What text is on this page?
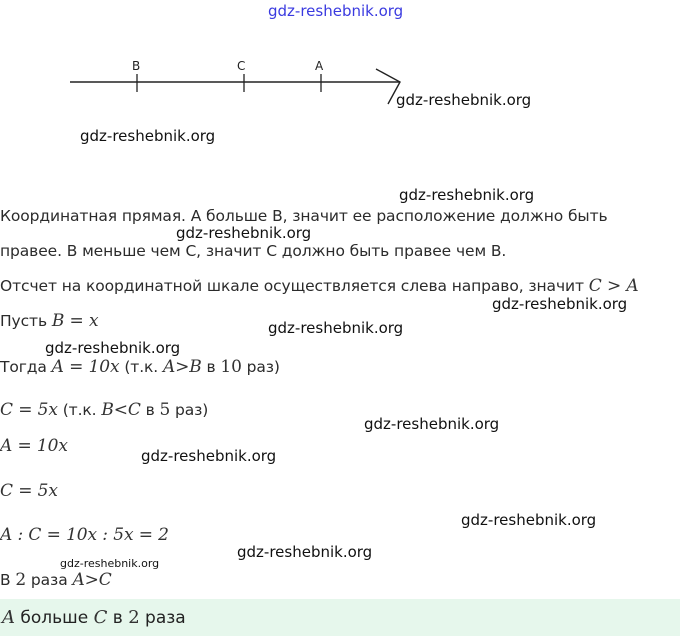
gdz-reshebnik.org
B	C	A
gdz-reshebnik.org
gdz-reshebnik.org
gdz-reshebnik.org
gdz-reshebnik.org
gdz-reshebnik.org
gdz-reshebnik.org
gdz-reshebnik.org
gdz-reshebnik.org
gdz-reshebnik.org
gdz-reshebnik.org
gdz-reshebnik.org
gdz-reshebnik.org
Координатная прямая. А больше В, значит ее расположение должно быть
правее. В меньше чем С, значит С должно быть правее чем В.
Отсчет на координатной шкале осуществляется слева направо, значит C > A
Пусть B = x
Тогда A = 10x (т.к. A>B в 10 раз)
C = 5x (т.к. B<C в 5 раз)
A = 10x
C = 5x
A : C = 10x : 5x = 2
В 2 раза A>C
A больше C в 2 раза
